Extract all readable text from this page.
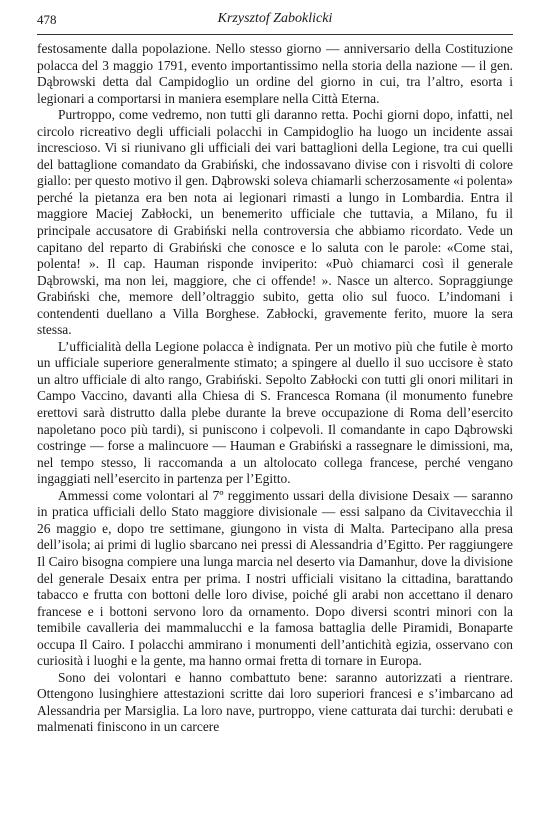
478	Krzysztof Zaboklicki

festosamente dalla popolazione. Nello stesso giorno — anniversario della Costituzione polacca del 3 maggio 1791, evento importantissimo nella storia della nazione — il gen. Dąbrowski detta dal Campidoglio un ordine del giorno in cui, tra l’altro, esorta i legionari a comportarsi in maniera esemplare nella Città Eterna.

Purtroppo, come vedremo, non tutti gli daranno retta. Pochi giorni dopo, infatti, nel circolo ricreativo degli ufficiali polacchi in Campidoglio ha luogo un incidente assai increscioso. Vi si riunivano gli ufficiali dei vari battaglioni della Legione, tra cui quelli del battaglione comandato da Grabiński, che indossavano divise con i risvolti di colore giallo: per questo motivo il gen. Dąbrowski soleva chiamarli scherzosamente «i polenta» perché la pietanza era ben nota ai legionari rimasti a lungo in Lombardia. Entra il maggiore Maciej Zabłocki, un benemerito ufficiale che tuttavia, a Milano, fu il principale accusatore di Grabiński nella controversia che abbiamo ricordato. Vede un capitano del reparto di Grabiński che conosce e lo saluta con le parole: «Come stai, polenta! ». Il cap. Hauman risponde inviperito: «Può chiamarci così il generale Dąbrowski, ma non lei, maggiore, che ci offende! ». Nasce un alterco. Sopraggiunge Grabiński che, memore dell’oltraggio subito, getta olio sul fuoco. L’indomani i contendenti duellano a Villa Borghese. Zabłocki, gravemente ferito, muore la sera stessa.

L’ufficialità della Legione polacca è indignata. Per un motivo più che futile è morto un ufficiale superiore generalmente stimato; a spingere al duello il suo uccisore è stato un altro ufficiale di alto rango, Grabiński. Sepolto Zabłocki con tutti gli onori militari in Campo Vaccino, davanti alla Chiesa di S. Francesca Romana (il monumento funebre erettovi sarà distrutto dalla plebe durante la breve occupazione di Roma dell’esercito napoletano poco più tardi), si puniscono i colpevoli. Il comandante in capo Dąbrowski costringe — forse a malincuore — Hauman e Grabiński a rassegnare le dimissioni, ma, nel tempo stesso, li raccomanda a un altolocato collega francese, perché vengano ingaggiati nell’esercito in partenza per l’Egitto.

Ammessi come volontari al 7º reggimento ussari della divisione Desaix — saranno in pratica ufficiali dello Stato maggiore divisionale — essi salpano da Civitavecchia il 26 maggio e, dopo tre settimane, giungono in vista di Malta. Partecipano alla presa dell’isola; ai primi di luglio sbarcano nei pressi di Alessandria d’Egitto. Per raggiungere Il Cairo bisogna compiere una lunga marcia nel deserto via Damanhur, dove la divisione del generale Desaix entra per prima. I nostri ufficiali visitano la cittadina, barattando tabacco e frutta con bottoni delle loro divise, poiché gli arabi non accettano il denaro francese e i bottoni servono loro da ornamento. Dopo diversi scontri minori con la temibile cavalleria dei mammalucchi e la famosa battaglia delle Piramidi, Bonaparte occupa Il Cairo. I polacchi ammirano i monumenti dell’antichità egizia, osservano con curiosità i luoghi e la gente, ma hanno ormai fretta di tornare in Europa.

Sono dei volontari e hanno combattuto bene: saranno autorizzati a rientrare. Ottengono lusinghiere attestazioni scritte dai loro superiori francesi e s’imbarcano ad Alessandria per Marsiglia. La loro nave, purtroppo, viene catturata dai turchi: derubati e malmenati finiscono in un carcere
